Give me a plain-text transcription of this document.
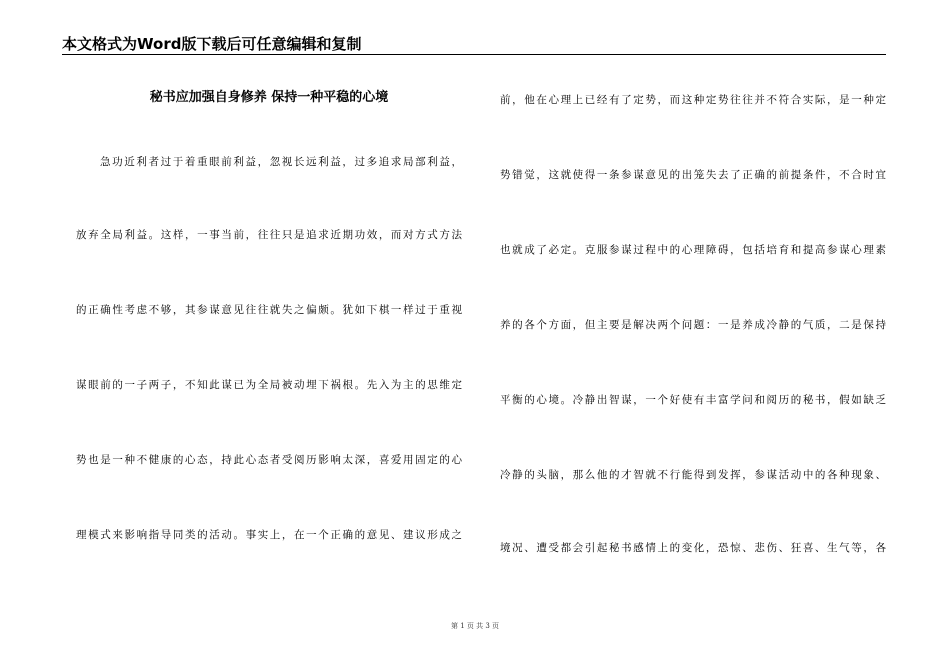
本文格式为Word版下载后可任意编辑和复制
秘书应加强自身修养 保持一种平稳的心境
急功近利者过于着重眼前利益，忽视长远利益，过多追求局部利益，
放弃全局利益。这样，一事当前，往往只是追求近期功效，而对方式方法
的正确性考虑不够，其参谋意见往往就失之偏颇。犹如下棋一样过于重视
谋眼前的一子两子，不知此谋已为全局被动埋下祸根。先入为主的思维定
势也是一种不健康的心态，持此心态者受阅历影响太深，喜爱用固定的心
理模式来影响指导同类的活动。事实上，在一个正确的意见、建议形成之
前，他在心理上已经有了定势，而这种定势往往并不符合实际，是一种定
势错觉，这就使得一条参谋意见的出笼失去了正确的前提条件，不合时宜
也就成了必定。克服参谋过程中的心理障碍，包括培育和提高参谋心理素
养的各个方面，但主要是解决两个问题：一是养成冷静的气质，二是保持
平衡的心境。冷静出智谋，一个好使有丰富学问和阅历的秘书，假如缺乏
冷静的头脑，那么他的才智就不行能得到发挥，参谋活动中的各种现象、
境况、遭受都会引起秘书感情上的变化，恐惊、悲伤、狂喜、生气等，各
第 1 页 共 3 页
